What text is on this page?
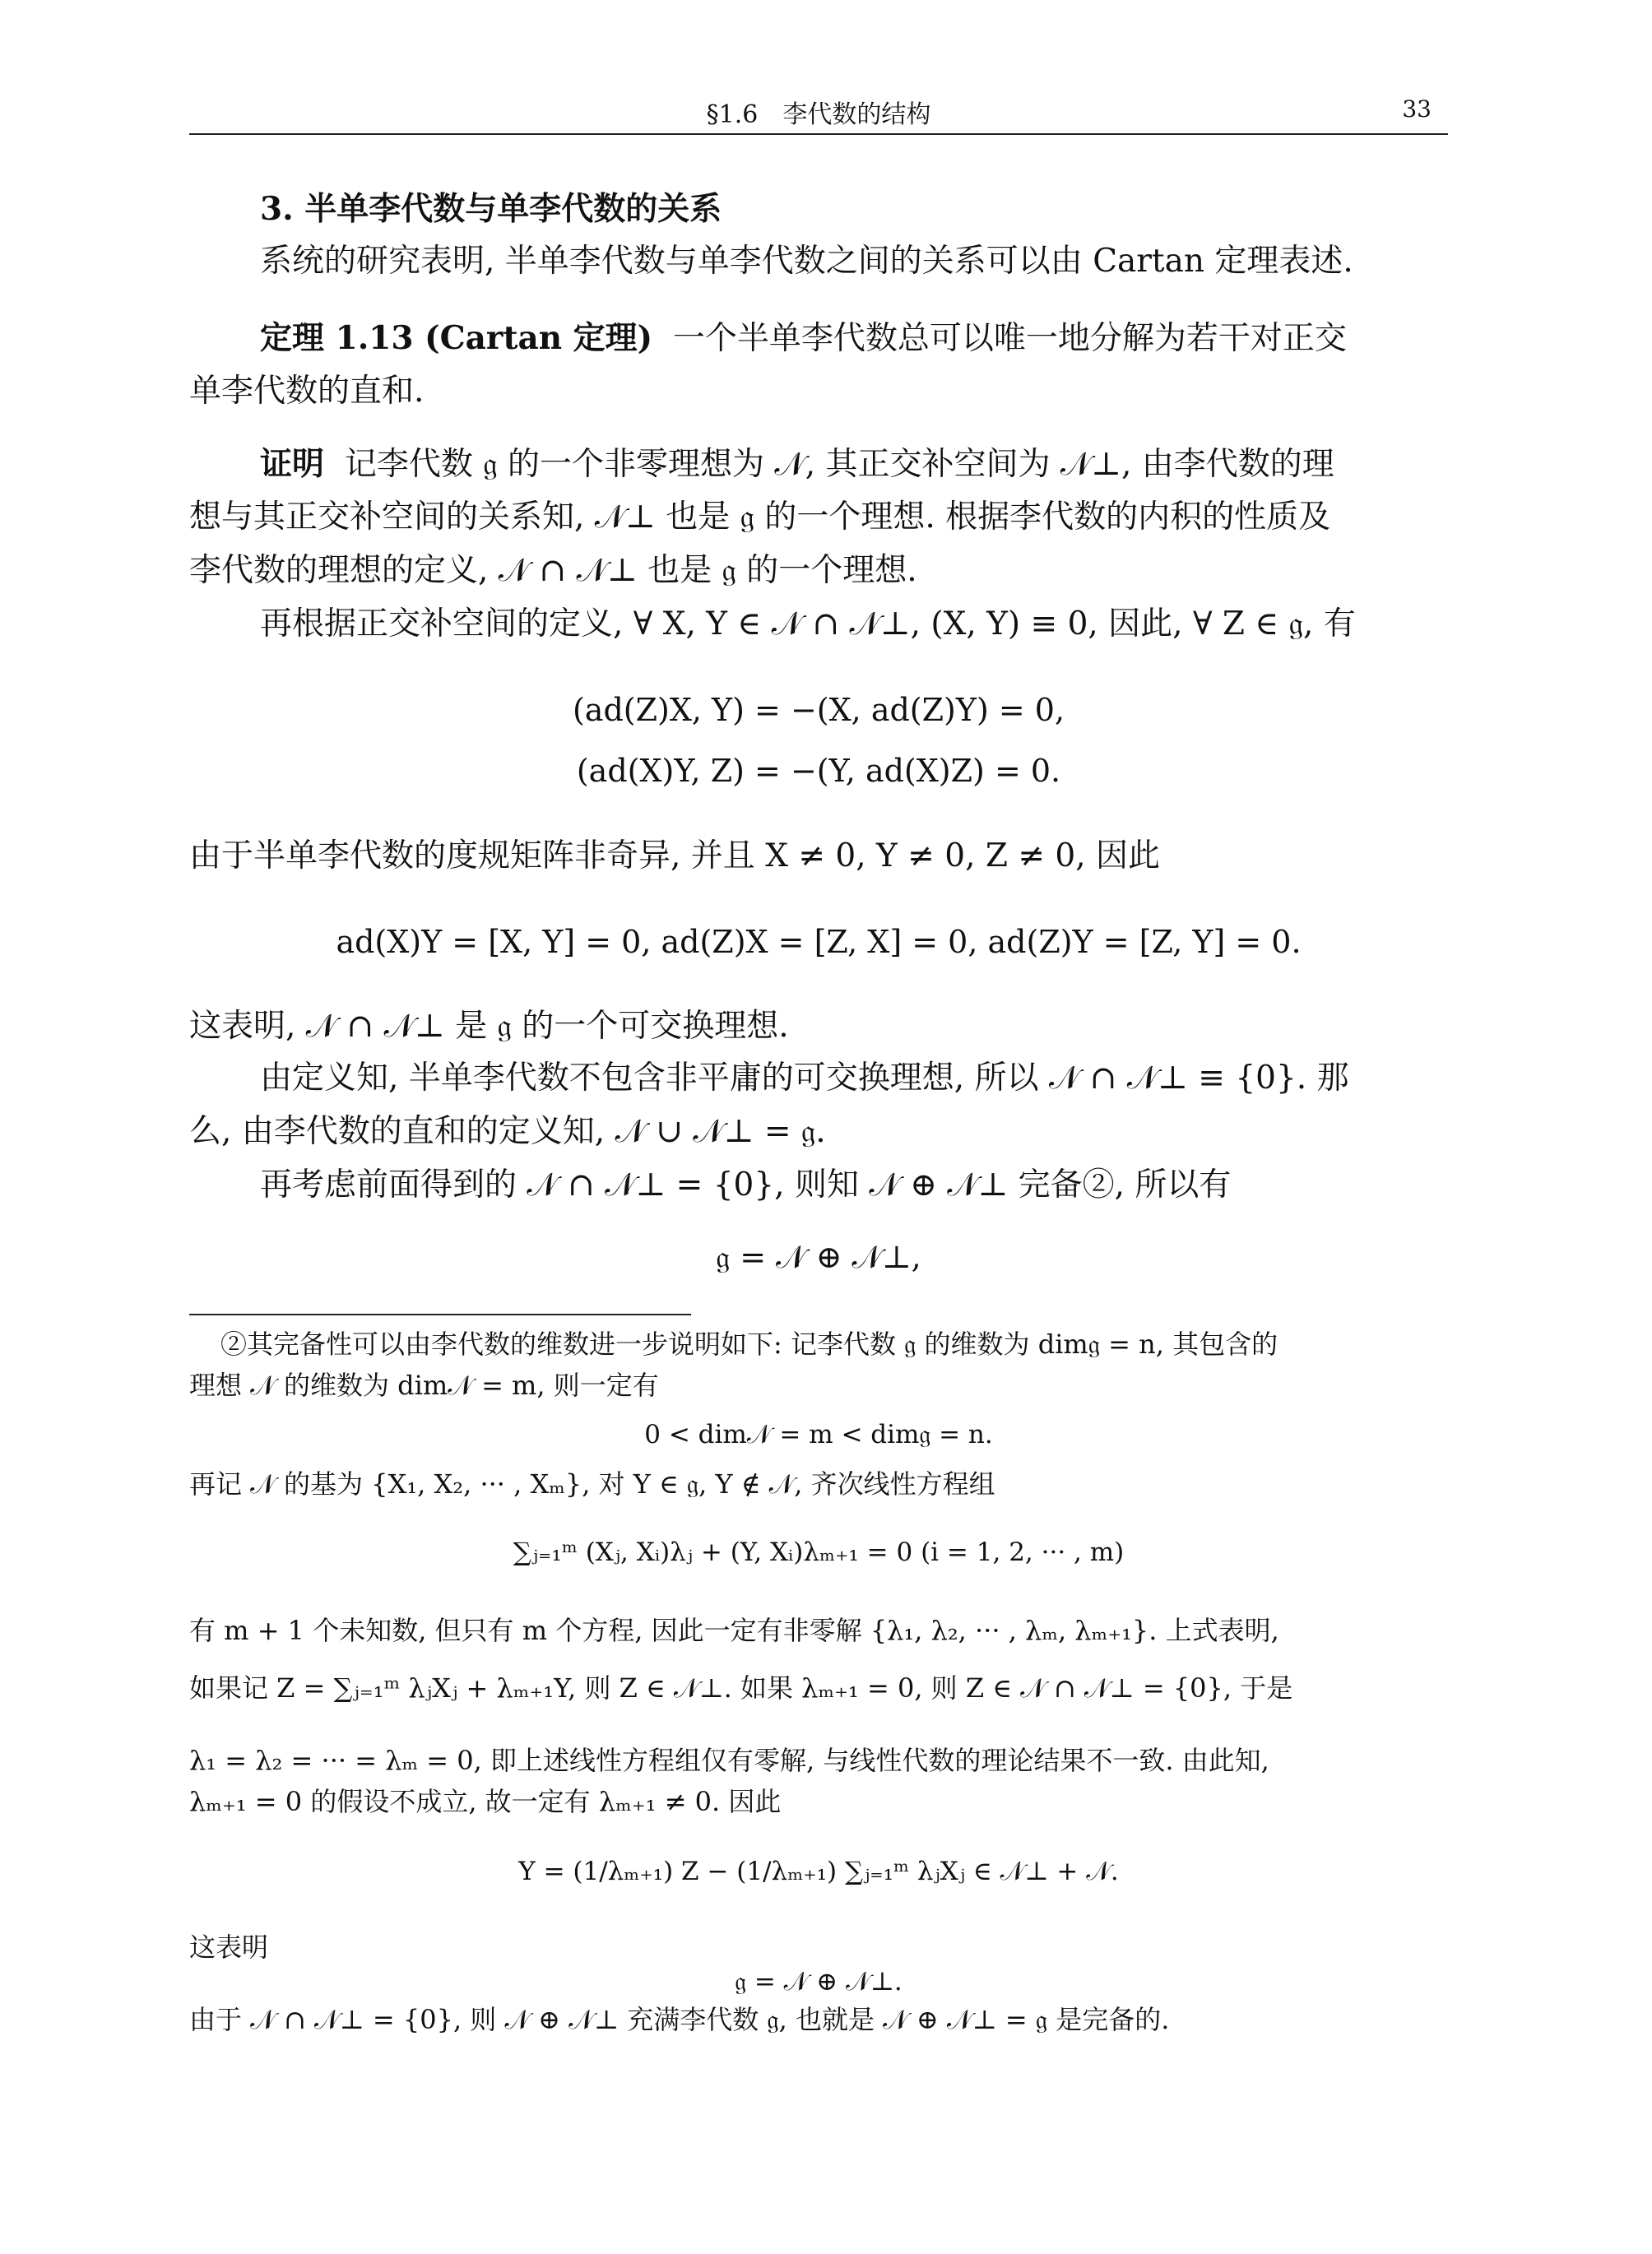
§1.6　李代数的结构	33
3. 半单李代数与单李代数的关系
系统的研究表明, 半单李代数与单李代数之间的关系可以由 Cartan 定理表述.
定理 1.13 (Cartan 定理) 一个半单李代数总可以唯一地分解为若干对正交
单李代数的直和.
证明 记李代数 𝔤 的一个非零理想为 𝒩, 其正交补空间为 𝒩⊥, 由李代数的理
想与其正交补空间的关系知, 𝒩⊥ 也是 𝔤 的一个理想. 根据李代数的内积的性质及
李代数的理想的定义, 𝒩 ∩ 𝒩⊥ 也是 𝔤 的一个理想.
再根据正交补空间的定义, ∀ X, Y ∈ 𝒩 ∩ 𝒩⊥, (X, Y) ≡ 0, 因此, ∀ Z ∈ 𝔤, 有
(ad(Z)X, Y) = −(X, ad(Z)Y) = 0,
(ad(X)Y, Z) = −(Y, ad(X)Z) = 0.
由于半单李代数的度规矩阵非奇异, 并且 X ≠ 0, Y ≠ 0, Z ≠ 0, 因此
ad(X)Y = [X, Y] = 0, ad(Z)X = [Z, X] = 0, ad(Z)Y = [Z, Y] = 0.
这表明, 𝒩 ∩ 𝒩⊥ 是 𝔤 的一个可交换理想.
由定义知, 半单李代数不包含非平庸的可交换理想, 所以 𝒩 ∩ 𝒩⊥ ≡ {0}. 那
么, 由李代数的直和的定义知, 𝒩 ∪ 𝒩⊥ = 𝔤.
再考虑前面得到的 𝒩 ∩ 𝒩⊥ = {0}, 则知 𝒩 ⊕ 𝒩⊥ 完备②, 所以有
𝔤 = 𝒩 ⊕ 𝒩⊥,
②其完备性可以由李代数的维数进一步说明如下: 记李代数 𝔤 的维数为 dim𝔤 = n, 其包含的
理想 𝒩 的维数为 dim𝒩 = m, 则一定有
0 < dim𝒩 = m < dim𝔤 = n.
再记 𝒩 的基为 {X₁, X₂, ··· , Xₘ}, 对 Y ∈ 𝔤, Y ∉ 𝒩, 齐次线性方程组
∑ⱼ₌₁ᵐ (Xⱼ, Xᵢ)λⱼ + (Y, Xᵢ)λₘ₊₁ = 0 (i = 1, 2, ··· , m)
有 m + 1 个未知数, 但只有 m 个方程, 因此一定有非零解 {λ₁, λ₂, ··· , λₘ, λₘ₊₁}. 上式表明,
如果记 Z = ∑ⱼ₌₁ᵐ λⱼXⱼ + λₘ₊₁Y, 则 Z ∈ 𝒩⊥. 如果 λₘ₊₁ = 0, 则 Z ∈ 𝒩 ∩ 𝒩⊥ = {0}, 于是
λ₁ = λ₂ = ··· = λₘ = 0, 即上述线性方程组仅有零解, 与线性代数的理论结果不一致. 由此知,
λₘ₊₁ = 0 的假设不成立, 故一定有 λₘ₊₁ ≠ 0. 因此
Y = (1/λₘ₊₁) Z − (1/λₘ₊₁) ∑ⱼ₌₁ᵐ λⱼXⱼ ∈ 𝒩⊥ + 𝒩.
这表明
𝔤 = 𝒩 ⊕ 𝒩⊥.
由于 𝒩 ∩ 𝒩⊥ = {0}, 则 𝒩 ⊕ 𝒩⊥ 充满李代数 𝔤, 也就是 𝒩 ⊕ 𝒩⊥ = 𝔤 是完备的.
